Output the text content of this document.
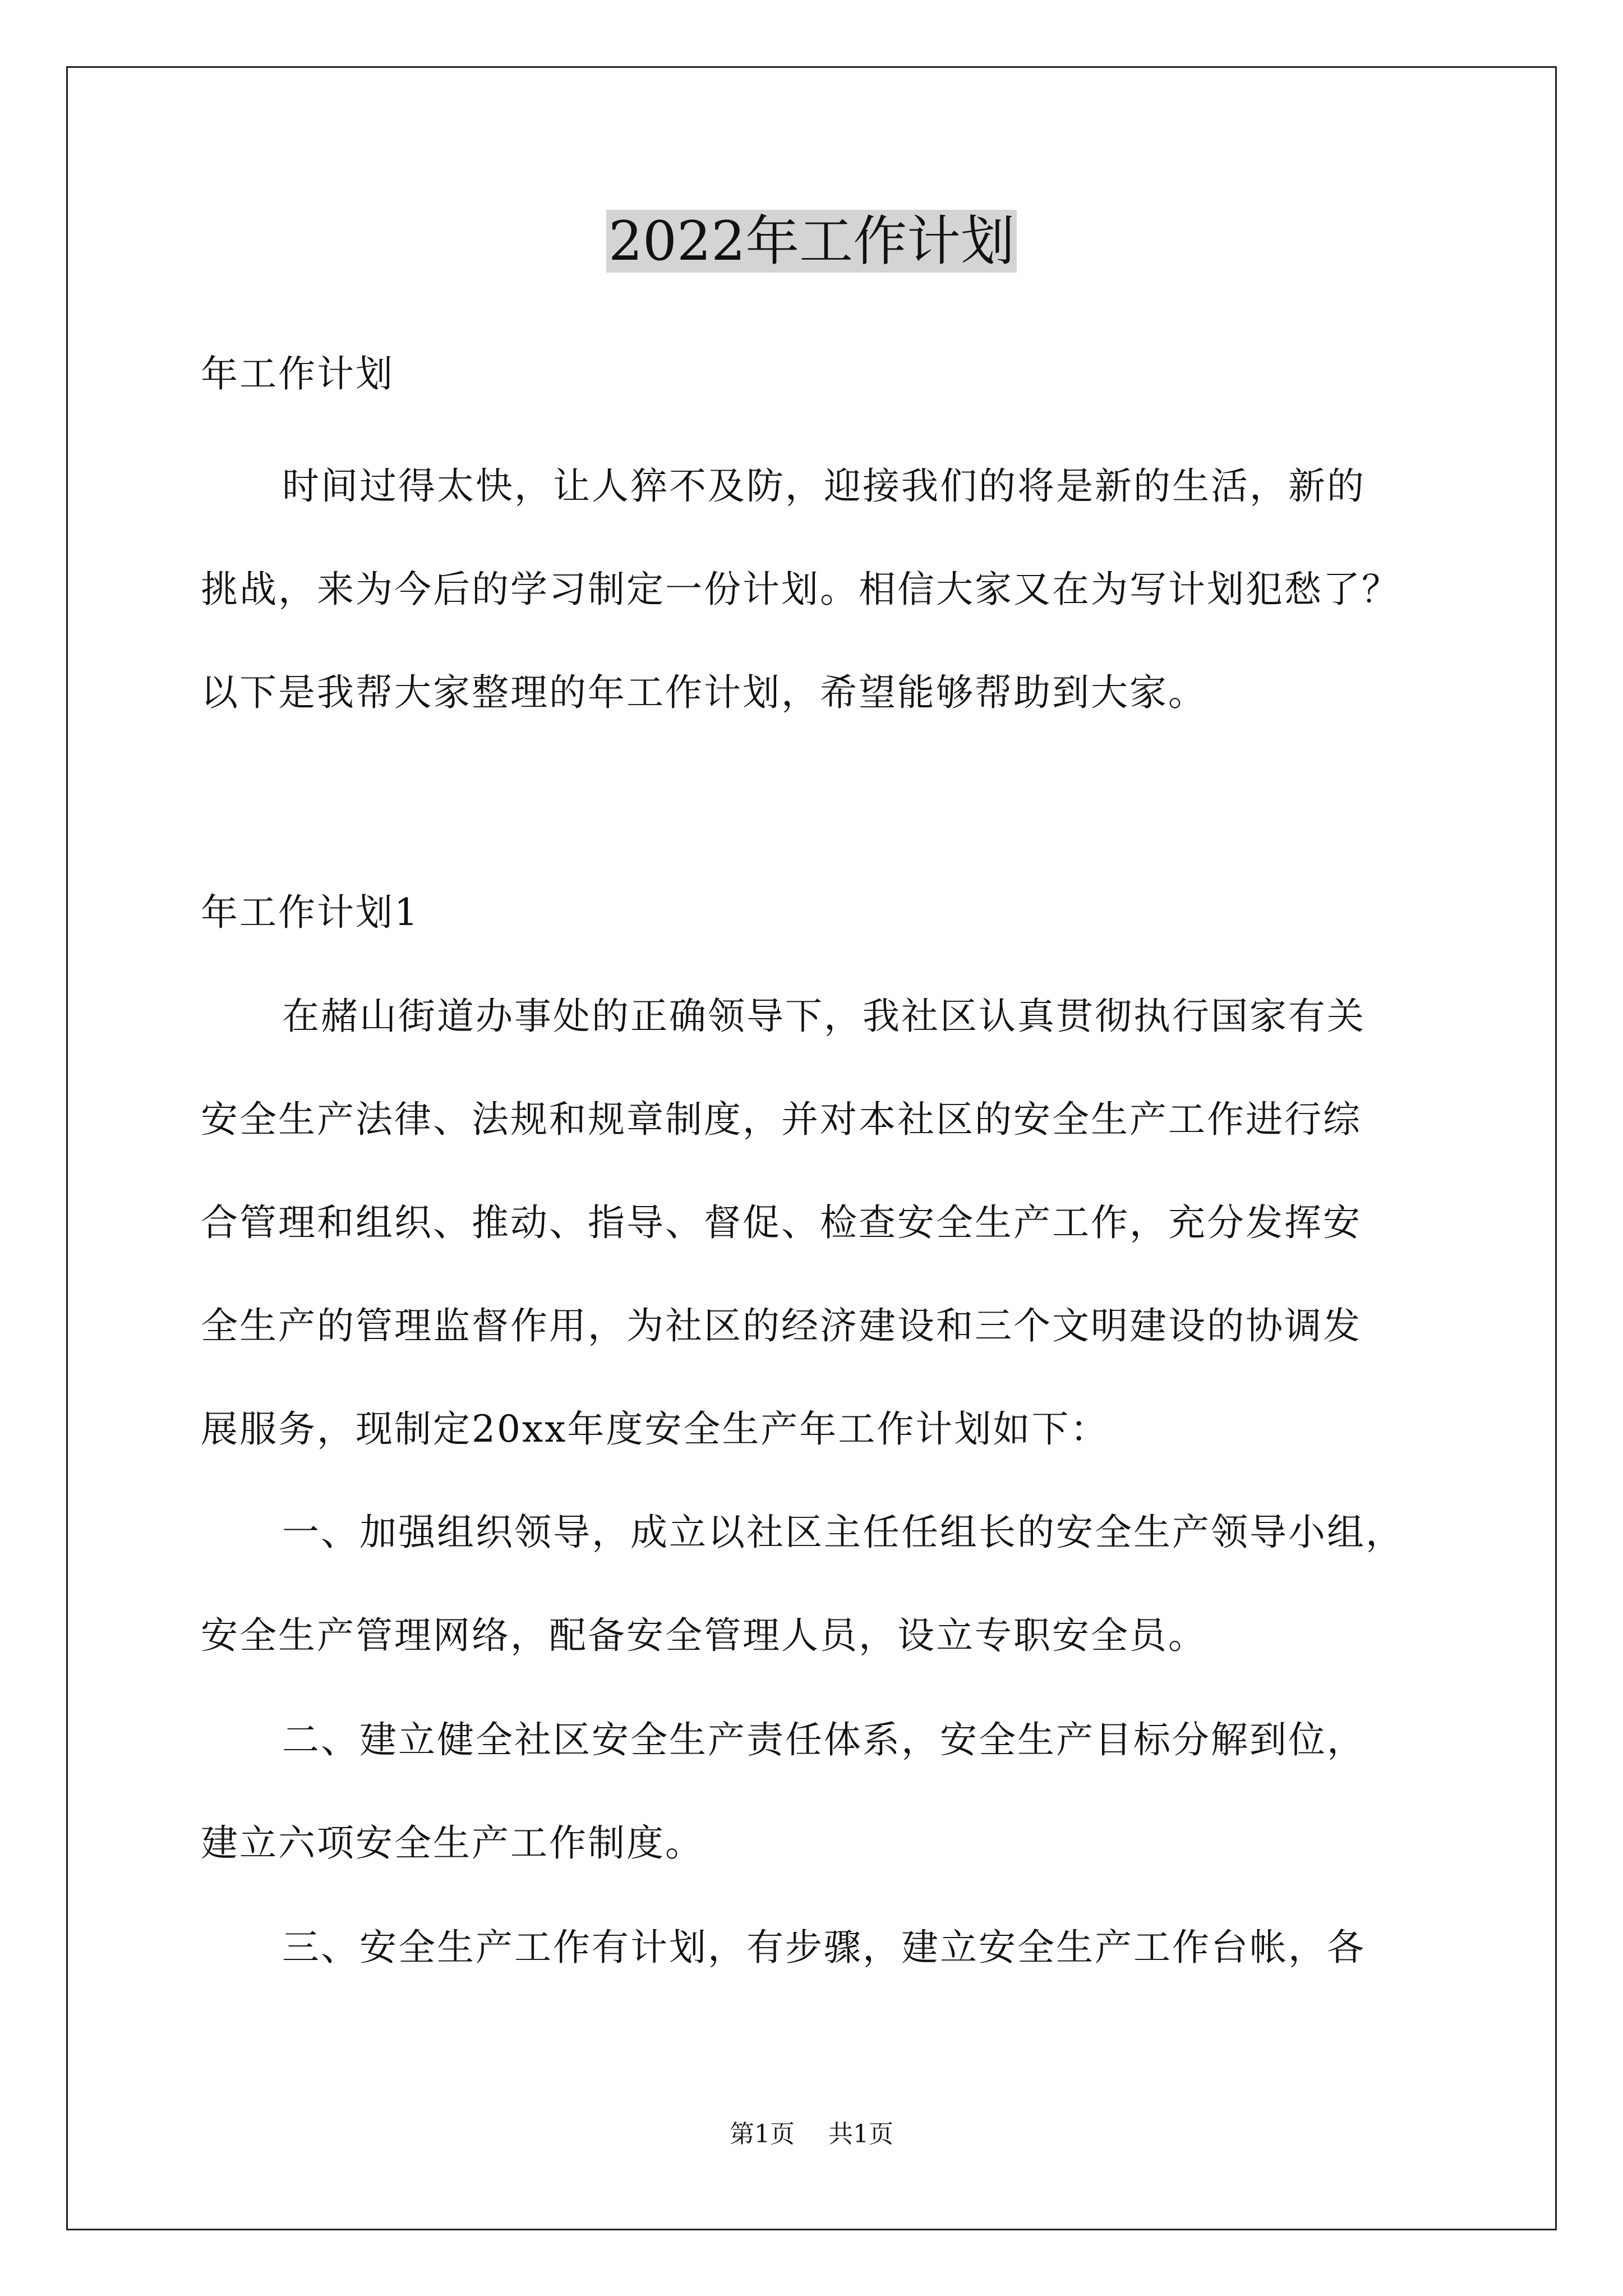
2022年工作计划

年工作计划

时间过得太快，让人猝不及防，迎接我们的将是新的生活，新的
挑战，来为今后的学习制定一份计划。相信大家又在为写计划犯愁了？
以下是我帮大家整理的年工作计划，希望能够帮助到大家。

年工作计划1

在赭山街道办事处的正确领导下，我社区认真贯彻执行国家有关
安全生产法律、法规和规章制度，并对本社区的安全生产工作进行综
合管理和组织、推动、指导、督促、检查安全生产工作，充分发挥安
全生产的管理监督作用，为社区的经济建设和三个文明建设的协调发
展服务，现制定20xx年度安全生产年工作计划如下：

一、加强组织领导，成立以社区主任任组长的安全生产领导小组，
安全生产管理网络，配备安全管理人员，设立专职安全员。

二、建立健全社区安全生产责任体系，安全生产目标分解到位，
建立六项安全生产工作制度。

三、安全生产工作有计划，有步骤，建立安全生产工作台帐，各

第1页 共1页
